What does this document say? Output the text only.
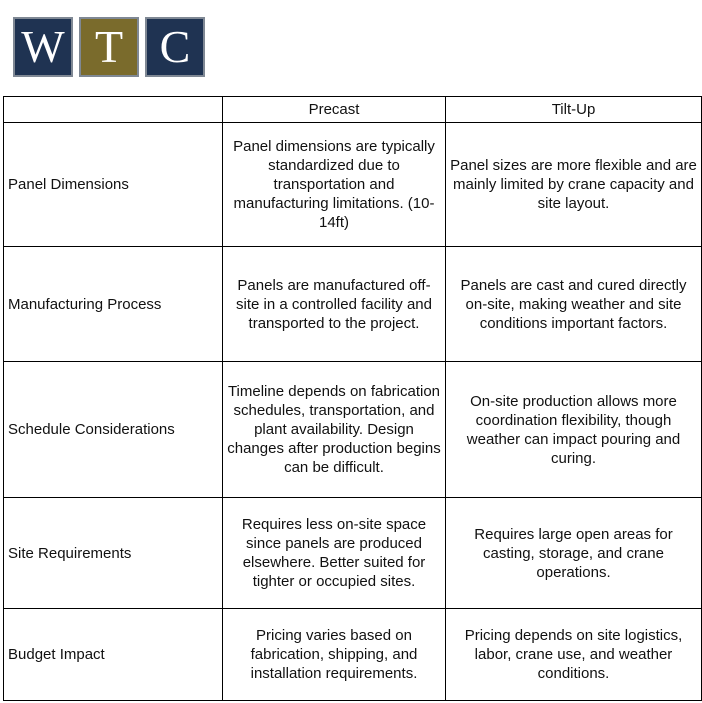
W T C
	Precast	Tilt-Up
Panel Dimensions	Panel dimensions are typically standardized due to transportation and manufacturing limitations. (10-14ft)	Panel sizes are more flexible and are mainly limited by crane capacity and site layout.
Manufacturing Process	Panels are manufactured off-site in a controlled facility and transported to the project.	Panels are cast and cured directly on-site, making weather and site conditions important factors.
Schedule Considerations	Timeline depends on fabrication schedules, transportation, and plant availability. Design changes after production begins can be difficult.	On-site production allows more coordination flexibility, though weather can impact pouring and curing.
Site Requirements	Requires less on-site space since panels are produced elsewhere. Better suited for tighter or occupied sites.	Requires large open areas for casting, storage, and crane operations.
Budget Impact	Pricing varies based on fabrication, shipping, and installation requirements.	Pricing depends on site logistics, labor, crane use, and weather conditions.
